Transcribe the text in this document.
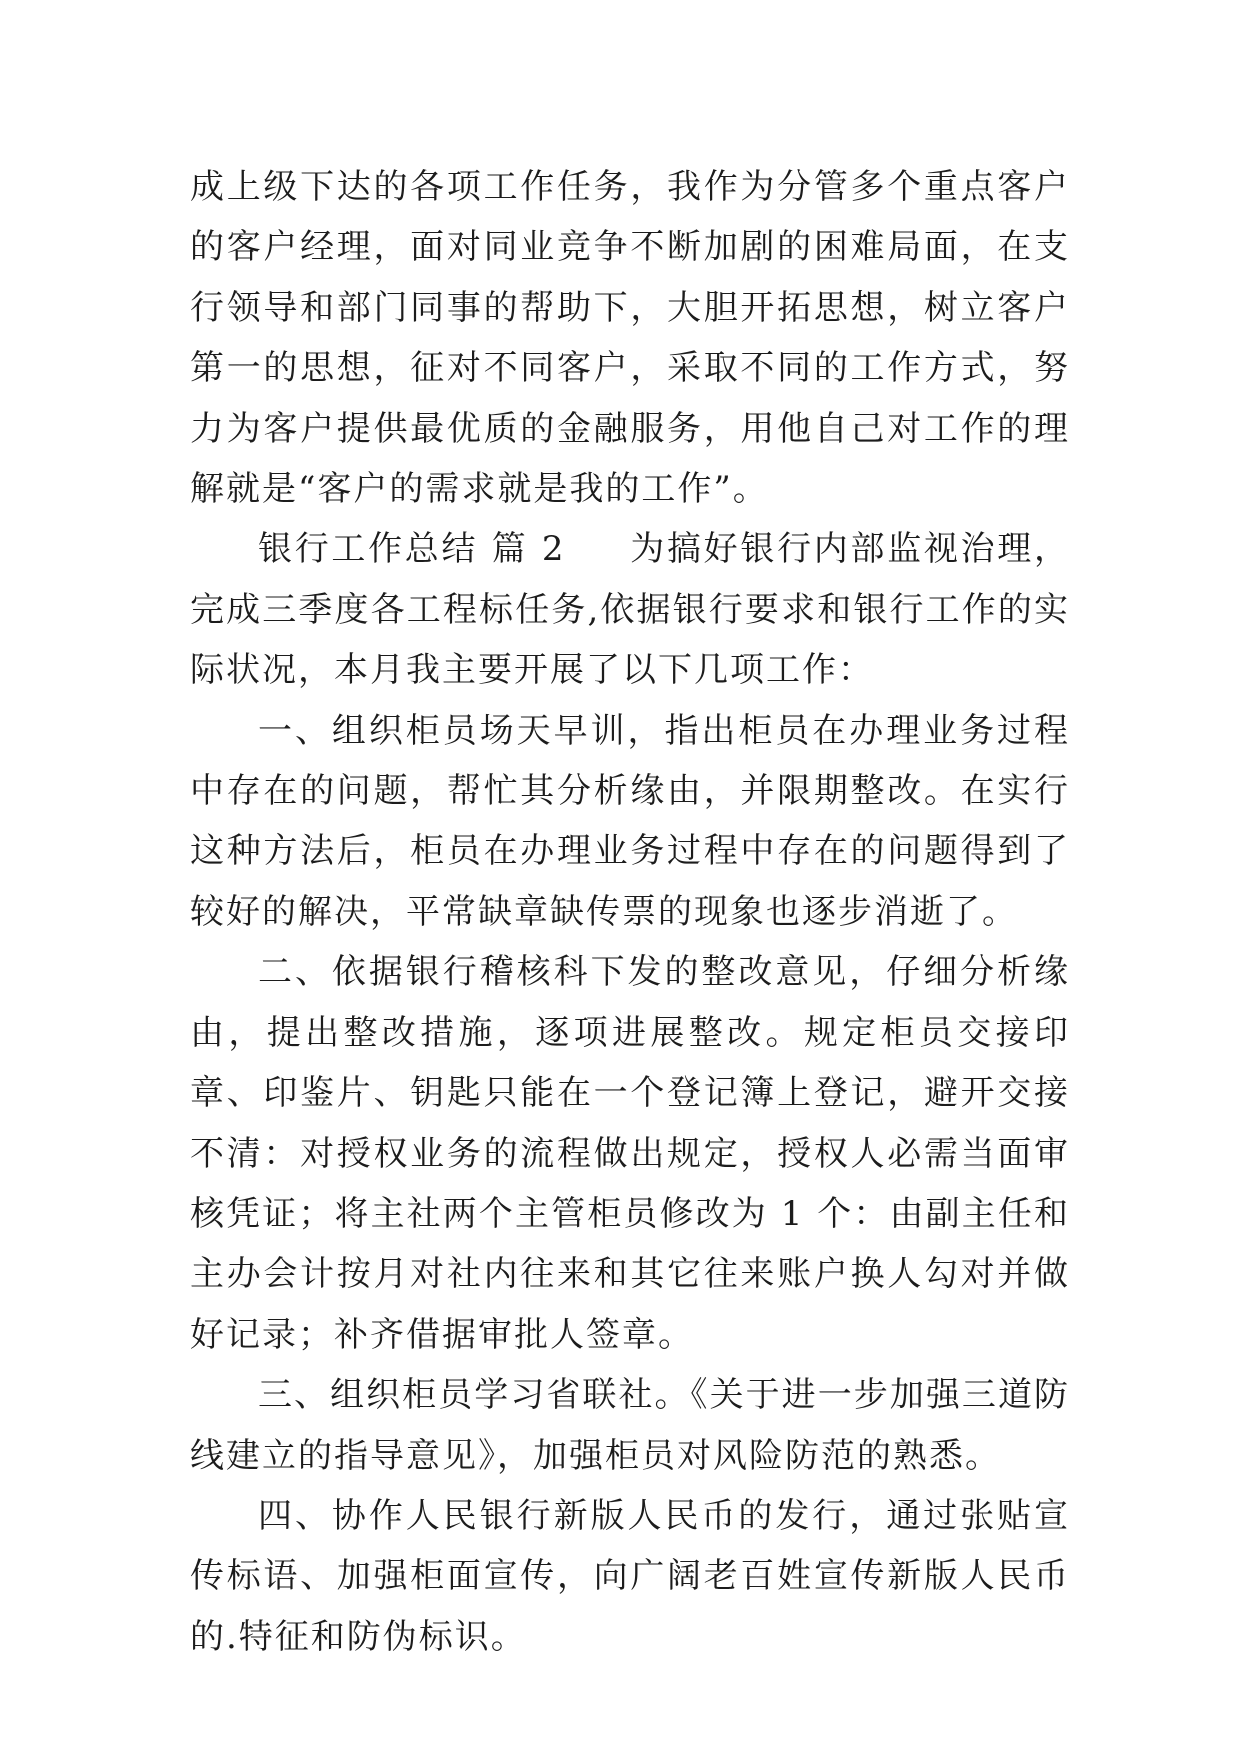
成上级下达的各项工作任务，我作为分管多个重点客户的客户经理，面对同业竞争不断加剧的困难局面，在支行领导和部门同事的帮助下，大胆开拓思想，树立客户第一的思想，征对不同客户，采取不同的工作方式，努力为客户提供最优质的金融服务，用他自己对工作的理解就是“客户的需求就是我的工作”。

银行工作总结 篇 2 为搞好银行内部监视治理，完成三季度各工程标任务,依据银行要求和银行工作的实际状况，本月我主要开展了以下几项工作：

一、组织柜员场天早训，指出柜员在办理业务过程中存在的问题，帮忙其分析缘由，并限期整改。在实行这种方法后，柜员在办理业务过程中存在的问题得到了较好的解决，平常缺章缺传票的现象也逐步消逝了。

二、依据银行稽核科下发的整改意见，仔细分析缘由，提出整改措施，逐项进展整改。规定柜员交接印章、印鉴片、钥匙只能在一个登记簿上登记，避开交接不清：对授权业务的流程做出规定，授权人必需当面审核凭证；将主社两个主管柜员修改为 1 个：由副主任和主办会计按月对社内往来和其它往来账户换人勾对并做好记录；补齐借据审批人签章。

三、组织柜员学习省联社。《关于进一步加强三道防线建立的指导意见》，加强柜员对风险防范的熟悉。

四、协作人民银行新版人民币的发行，通过张贴宣传标语、加强柜面宣传，向广阔老百姓宣传新版人民币的.特征和防伪标识。
